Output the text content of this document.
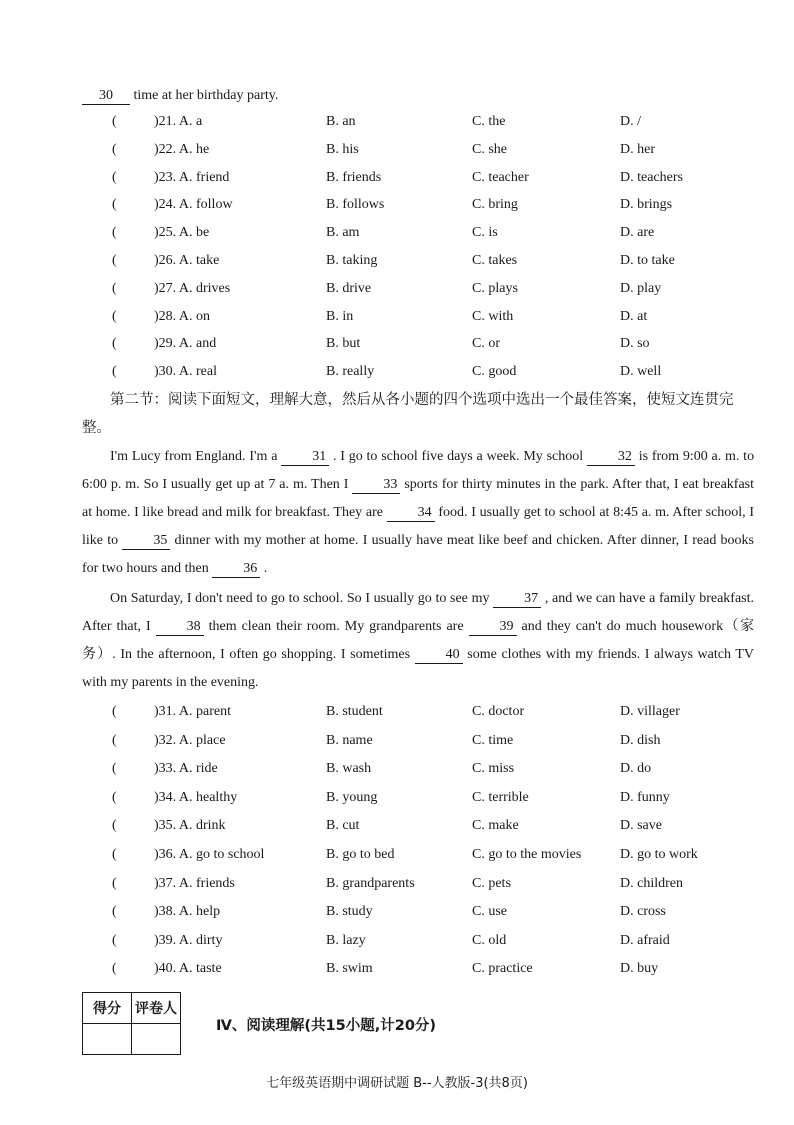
30 time at her birthday party.
(	)21. A. a	B. an	C. the	D. /
(	)22. A. he	B. his	C. she	D. her
(	)23. A. friend	B. friends	C. teacher	D. teachers
(	)24. A. follow	B. follows	C. bring	D. brings
(	)25. A. be	B. am	C. is	D. are
(	)26. A. take	B. taking	C. takes	D. to take
(	)27. A. drives	B. drive	C. plays	D. play
(	)28. A. on	B. in	C. with	D. at
(	)29. A. and	B. but	C. or	D. so
(	)30. A. real	B. really	C. good	D. well
第二节：阅读下面短文，理解大意，然后从各小题的四个选项中选出一个最佳答案，使短文连贯完整。
I'm Lucy from England. I'm a 31 . I go to school five days a week. My school 32 is from 9:00 a. m. to 6:00 p. m. So I usually get up at 7 a. m. Then I 33 sports for thirty minutes in the park. After that, I eat breakfast at home. I like bread and milk for breakfast. They are 34 food. I usually get to school at 8:45 a. m. After school, I like to	35 dinner with my mother at home. I usually have meat like beef and chicken. After dinner, I read books for two hours and then 36 .
On Saturday, I don't need to go to school. So I usually go to see my 37 , and we can have a family breakfast. After that, I	38 them clean their room. My grandparents are	39 and they can't do much housework（家务）. In the afternoon, I often go shopping. I sometimes	40 some clothes with my friends. I always watch TV with my parents in the evening.
(	)31. A. parent	B. student	C. doctor	D. villager
(	)32. A. place	B. name	C. time	D. dish
(	)33. A. ride	B. wash	C. miss	D. do
(	)34. A. healthy	B. young	C. terrible	D. funny
(	)35. A. drink	B. cut	C. make	D. save
(	)36. A. go to school	B. go to bed	C. go to the movies	D. go to work
(	)37. A. friends	B. grandparents	C. pets	D. children
(	)38. A. help	B. study	C. use	D. cross
(	)39. A. dirty	B. lazy	C. old	D. afraid
(	)40. A. taste	B. swim	C. practice	D. buy
得分	评卷人

Ⅳ、阅读理解(共15小题,计20分)
七年级英语期中调研试题 B--人教版-3(共8页)
